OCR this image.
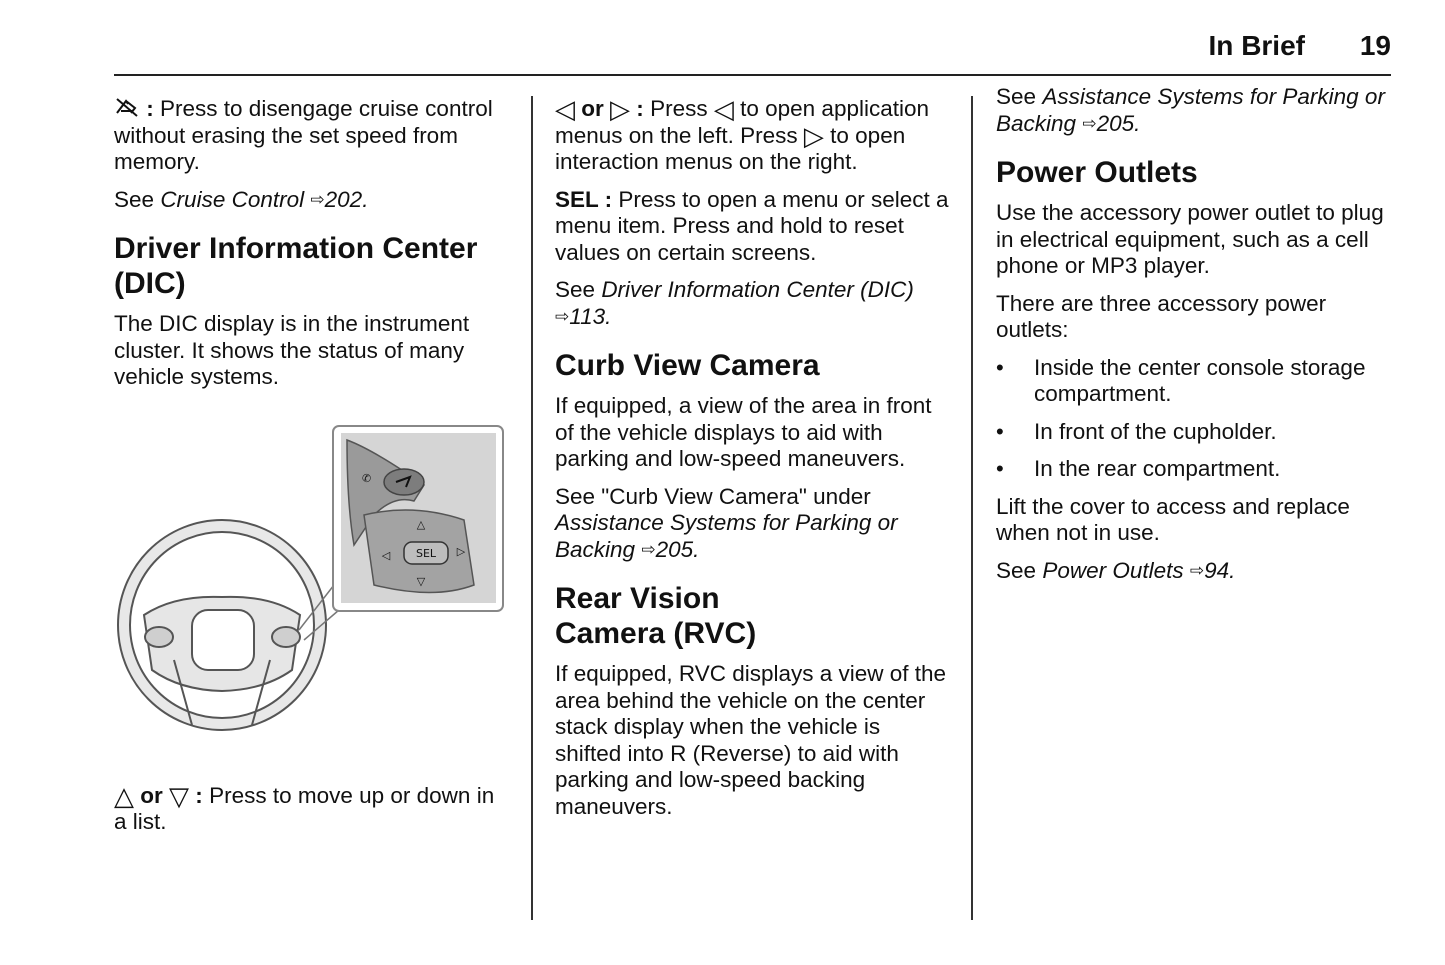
In Brief 19

: Press to disengage cruise control without erasing the set speed from memory.

See Cruise Control ⇨202.

Driver Information Center (DIC)

The DIC display is in the instrument cluster. It shows the status of many vehicle systems.

✆
SEL
△
▽
◁	▷

△ or ▽ : Press to move up or down in a list.

◁ or ▷ : Press ◁ to open application menus on the left. Press ▷ to open interaction menus on the right.

SEL : Press to open a menu or select a menu item. Press and hold to reset values on certain screens.

See Driver Information Center (DIC) ⇨113.

Curb View Camera

If equipped, a view of the area in front of the vehicle displays to aid with parking and low-speed maneuvers.

See "Curb View Camera" under Assistance Systems for Parking or Backing ⇨205.

Rear Vision
Camera (RVC)

If equipped, RVC displays a view of the area behind the vehicle on the center stack display when the vehicle is shifted into R (Reverse) to aid with parking and low-speed backing maneuvers.

See Assistance Systems for Parking or Backing ⇨205.

Power Outlets

Use the accessory power outlet to plug in electrical equipment, such as a cell phone or MP3 player.

There are three accessory power outlets:

• Inside the center console storage compartment.
• In front of the cupholder.
• In the rear compartment.

Lift the cover to access and replace when not in use.

See Power Outlets ⇨94.
